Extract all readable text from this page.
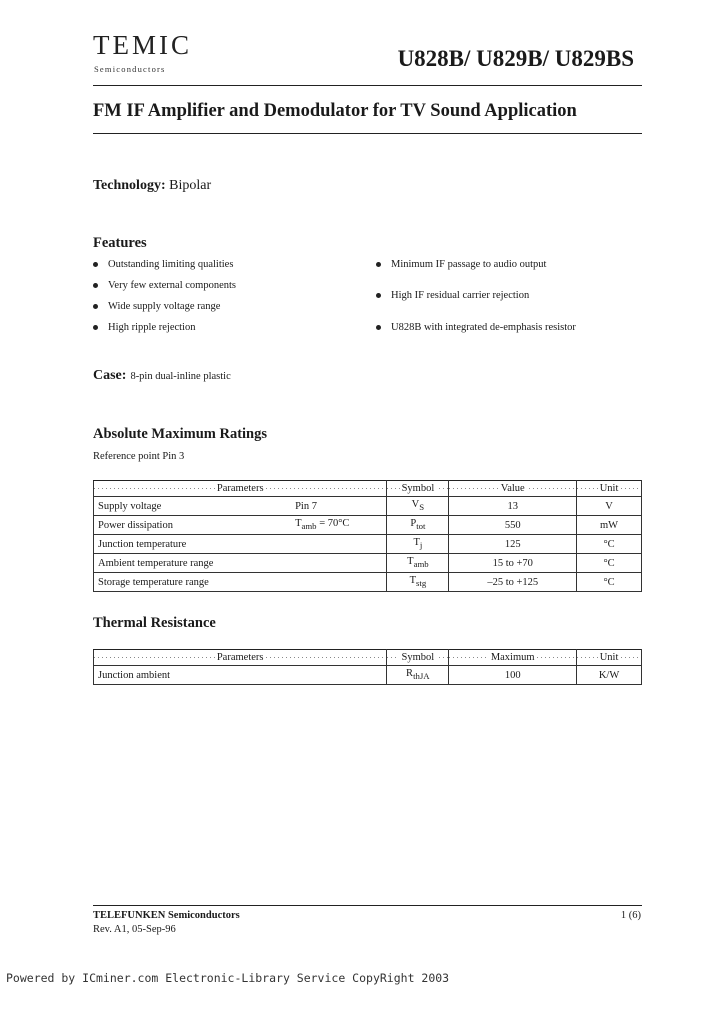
TEMIC
Semiconductors	U828B/ U829B/ U829BS
FM IF Amplifier and Demodulator for TV Sound Application
Technology: Bipolar
Features
Outstanding limiting qualities
Very few external components
Wide supply voltage range
High ripple rejection
Minimum IF passage to audio output
High IF residual carrier rejection
U828B with integrated de-emphasis resistor
Case: 8-pin dual-inline plastic
Absolute Maximum Ratings
Reference point Pin 3
Parameters		Symbol	Value	Unit
Supply voltage	Pin 7	$V_S$	13	V
Power dissipation	$T_{amb} = 70^\circ C$	$P_{tot}$	550	mW
Junction temperature		$T_j$	125	°C
Ambient temperature range		$T_{amb}$	15 to +70	°C
Storage temperature range		$T_{stg}$	–25 to +125	°C
Thermal Resistance
Parameters	Symbol	Maximum	Unit
Junction ambient	$R_{thJA}$	100	K/W
TELEFUNKEN Semiconductors
Rev. A1, 05-Sep-96
1 (6)
Powered by ICminer.com Electronic-Library Service CopyRight 2003
